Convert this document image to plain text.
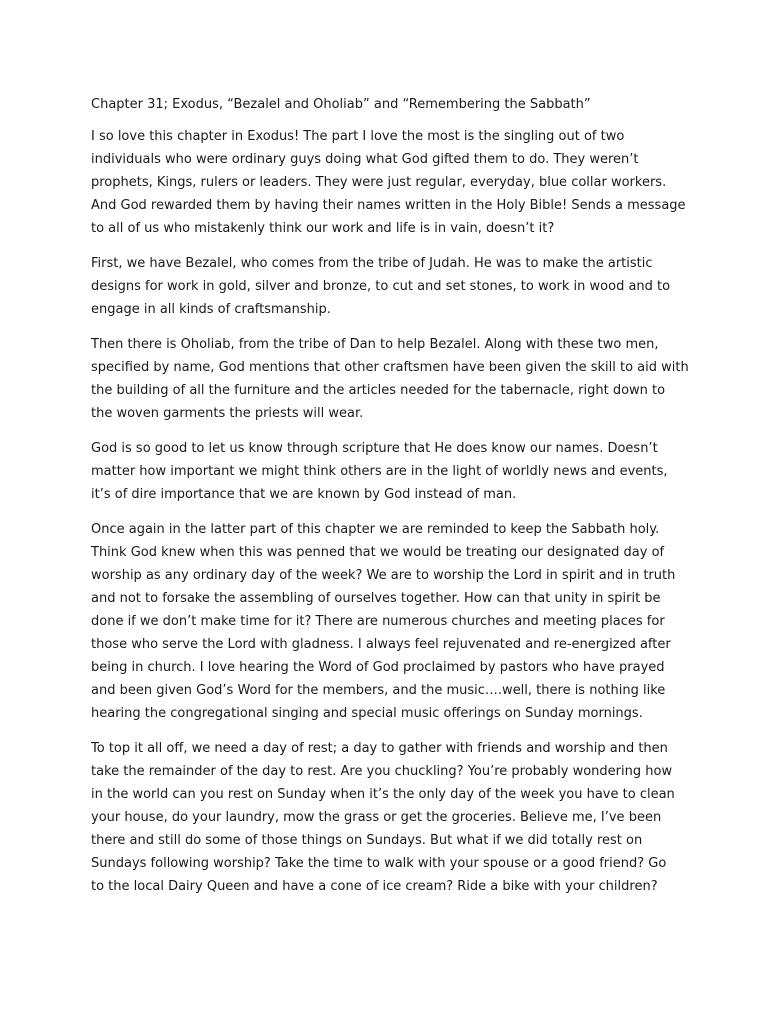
Chapter 31; Exodus, “Bezalel and Oholiab” and “Remembering the Sabbath”
I so love this chapter in Exodus! The part I love the most is the singling out of two
individuals who were ordinary guys doing what God gifted them to do. They weren’t
prophets, Kings, rulers or leaders. They were just regular, everyday, blue collar workers.
And God rewarded them by having their names written in the Holy Bible! Sends a message
to all of us who mistakenly think our work and life is in vain, doesn’t it?
First, we have Bezalel, who comes from the tribe of Judah. He was to make the artistic
designs for work in gold, silver and bronze, to cut and set stones, to work in wood and to
engage in all kinds of craftsmanship.
Then there is Oholiab, from the tribe of Dan to help Bezalel. Along with these two men,
specified by name, God mentions that other craftsmen have been given the skill to aid with
the building of all the furniture and the articles needed for the tabernacle, right down to
the woven garments the priests will wear.
God is so good to let us know through scripture that He does know our names. Doesn’t
matter how important we might think others are in the light of worldly news and events,
it’s of dire importance that we are known by God instead of man.
Once again in the latter part of this chapter we are reminded to keep the Sabbath holy.
Think God knew when this was penned that we would be treating our designated day of
worship as any ordinary day of the week? We are to worship the Lord in spirit and in truth
and not to forsake the assembling of ourselves together. How can that unity in spirit be
done if we don’t make time for it? There are numerous churches and meeting places for
those who serve the Lord with gladness. I always feel rejuvenated and re-energized after
being in church. I love hearing the Word of God proclaimed by pastors who have prayed
and been given God’s Word for the members, and the music….well, there is nothing like
hearing the congregational singing and special music offerings on Sunday mornings.
To top it all off, we need a day of rest; a day to gather with friends and worship and then
take the remainder of the day to rest. Are you chuckling? You’re probably wondering how
in the world can you rest on Sunday when it’s the only day of the week you have to clean
your house, do your laundry, mow the grass or get the groceries. Believe me, I’ve been
there and still do some of those things on Sundays. But what if we did totally rest on
Sundays following worship? Take the time to walk with your spouse or a good friend? Go
to the local Dairy Queen and have a cone of ice cream? Ride a bike with your children?
